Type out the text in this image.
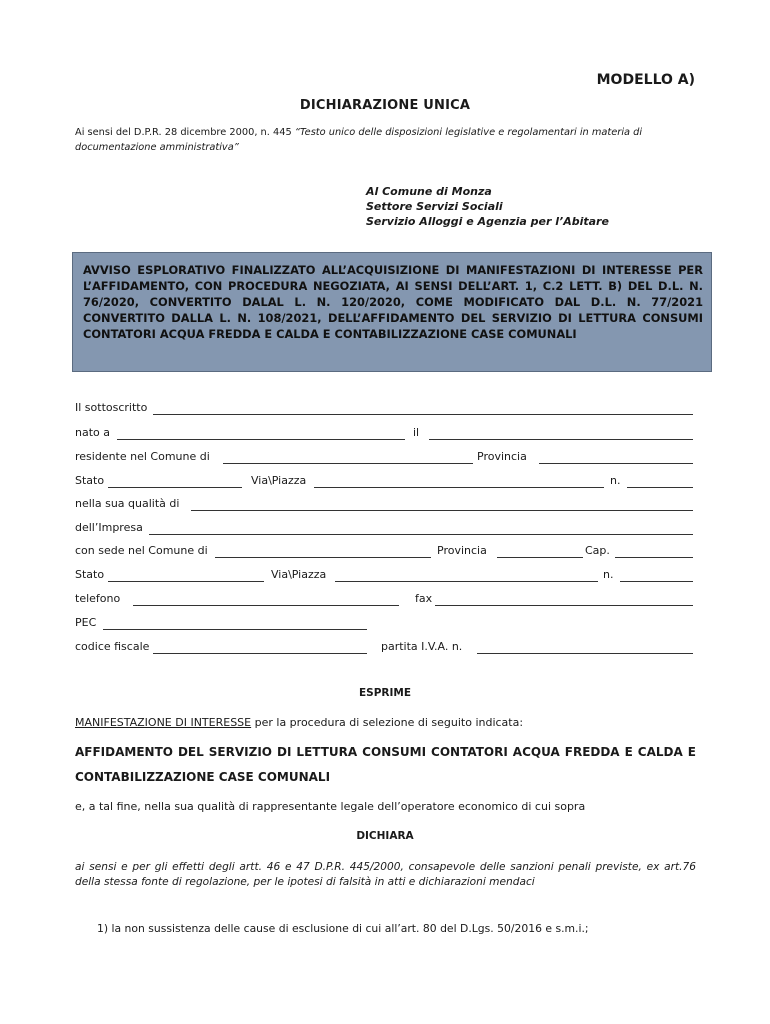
MODELLO A)
DICHIARAZIONE UNICA
Ai sensi del D.P.R. 28 dicembre 2000, n. 445 “Testo unico delle disposizioni legislative e regolamentari in materia di documentazione amministrativa”
Al Comune di Monza
Settore Servizi Sociali
Servizio Alloggi e Agenzia per l’Abitare
AVVISO ESPLORATIVO FINALIZZATO ALL’ACQUISIZIONE DI MANIFESTAZIONI DI INTERESSE PER L’AFFIDAMENTO, CON PROCEDURA NEGOZIATA, AI SENSI DELL’ART. 1, C.2 LETT. B) DEL D.L. N. 76/2020, CONVERTITO DALAL L. N. 120/2020, COME MODIFICATO DAL D.L. N. 77/2021 CONVERTITO DALLA L. N. 108/2021, DELL’AFFIDAMENTO DEL SERVIZIO DI LETTURA CONSUMI CONTATORI ACQUA FREDDA E CALDA E CONTABILIZZAZIONE CASE COMUNALI
Il sottoscritto
nato a	il
residente nel Comune di	Provincia
Stato	Via\Piazza	n.
nella sua qualità di
dell’Impresa
con sede nel Comune di	Provincia	Cap.
Stato	Via\Piazza	n.
telefono	fax
PEC
codice fiscale	partita I.V.A. n.
ESPRIME
MANIFESTAZIONE DI INTERESSE per la procedura di selezione di seguito indicata:
AFFIDAMENTO DEL SERVIZIO DI LETTURA CONSUMI CONTATORI ACQUA FREDDA E CALDA E CONTABILIZZAZIONE CASE COMUNALI
e, a tal fine, nella sua qualità di rappresentante legale dell’operatore economico di cui sopra
DICHIARA
ai sensi e per gli effetti degli artt. 46 e 47 D.P.R. 445/2000, consapevole delle sanzioni penali previste, ex art.76 della stessa fonte di regolazione, per le ipotesi di falsità in atti e dichiarazioni mendaci
1) la non sussistenza delle cause di esclusione di cui all’art. 80 del D.Lgs. 50/2016 e s.m.i.;
